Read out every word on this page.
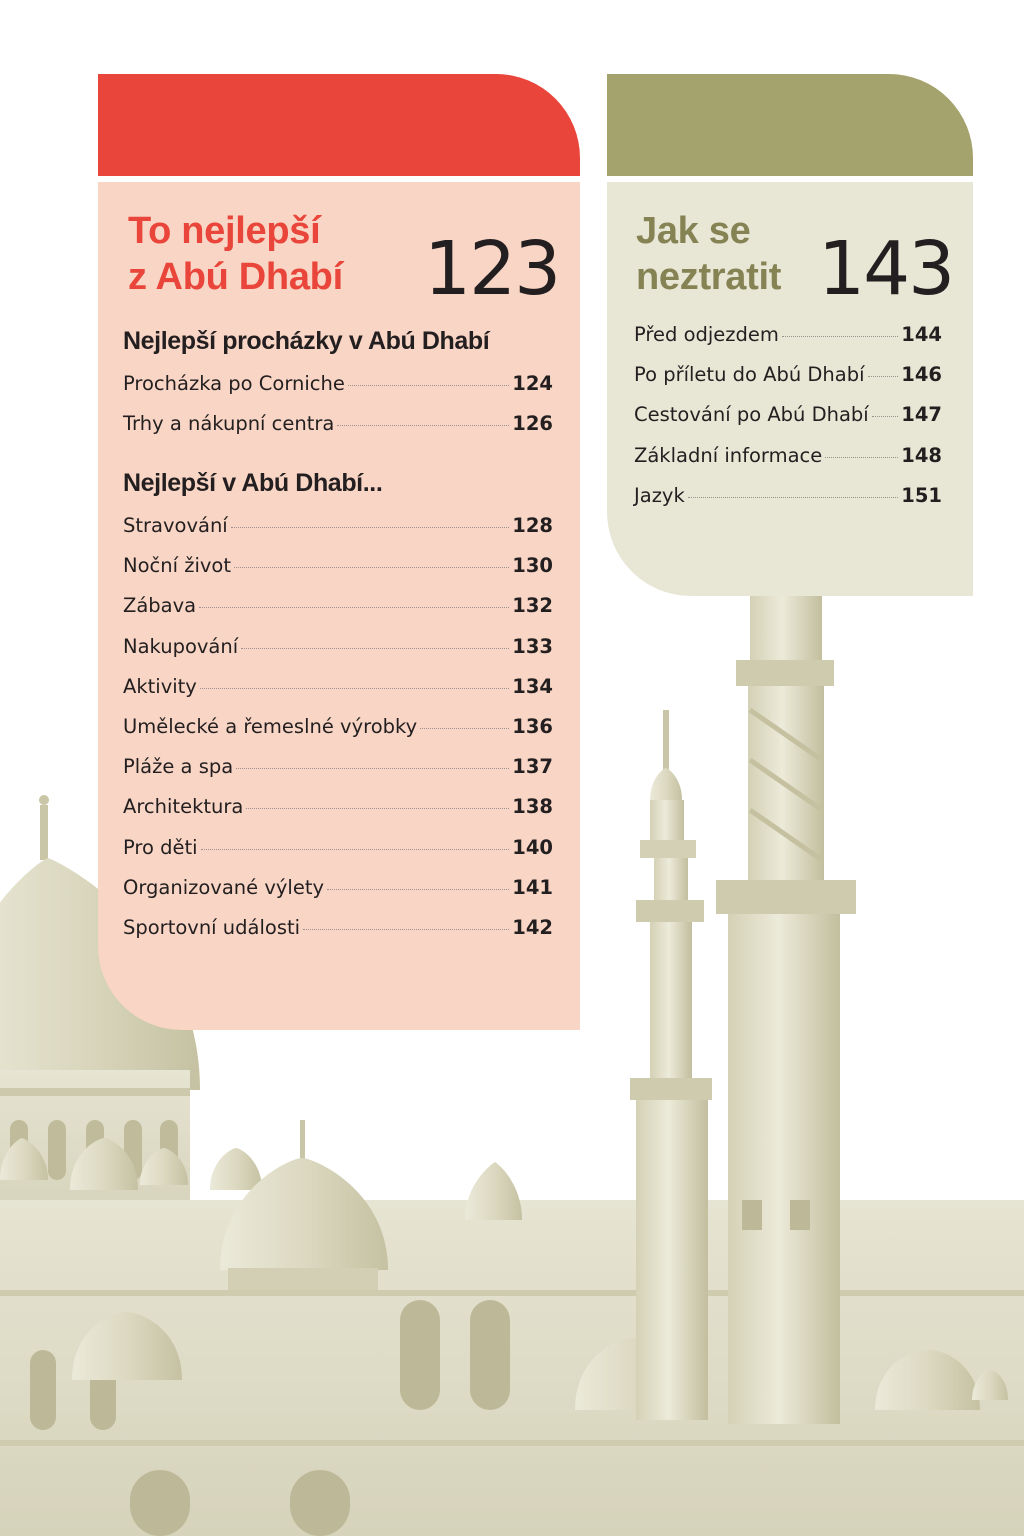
To nejlepší
z Abú Dhabí 123
Nejlepší procházky v Abú Dhabí
Procházka po Corniche	124
Trhy a nákupní centra	126
Nejlepší v Abú Dhabí...
Stravování	128
Noční život	130
Zábava	132
Nakupování	133
Aktivity	134
Umělecké a řemeslné výrobky	136
Pláže a spa	137
Architektura	138
Pro děti	140
Organizované výlety	141
Sportovní události	142
Jak se
neztratit 143
Před odjezdem	144
Po příletu do Abú Dhabí 146
Cestování po Abú Dhabí 147
Základní informace	148
Jazyk	151
